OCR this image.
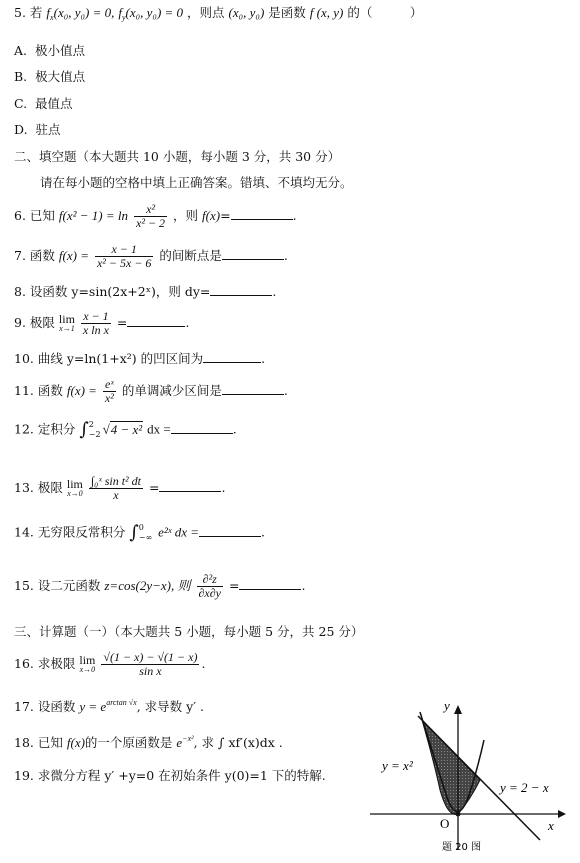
5. 若 $f_x(x_0$, y₀) = 0, $f_y(x_0$, y₀) = 0 ，则点 (x₀, y₀) 是函数 f (x, y) 的（　　　）
A. 极小值点
B. 极大值点
C. 最值点
D. 驻点
二、填空题（本大题共 10 小题，每小题 3 分，共 30 分）
请在每小题的空格中填上正确答案。错填、不填均无分。
6. 已知 $f(x^2 - 1) = \ln \frac{\text{x²}}{\text{x² − 2}}$ ，则 f(x)=	.
7. 函数 $f(x) = \frac{x - 1}{\text{x² − 5x − 6}}$ 的间断点是	.
8. 设函数 y=sin(2x+2ˣ)，则 dy=	.
9. 极限 lim
x→1
$\frac{x - 1}{\text{x ln x}}$ =	.
10. 曲线 y=ln(1+x²) 的凹区间为	.
11. 函数 $f(x) = \frac{\text{eˣ}}{\text{x²}}$ 的单调减少区间是	.
12. 定积分 ∫ 2
−2 √4 − x² dx =	.
13. 极限 lim
x→0
$\frac{\text{∫₀ˣ sin t² dt}}{x}$ =	.
14. 无穷限反常积分 ∫ 0
−∞ e²ˣ dx =	.
15. 设二元函数 z=cos(2y−x), 则 $\frac{\text{∂²z}}{\partial x\partial y}$ =	.
三、计算题（一）（本大题共 5 小题，每小题 5 分，共 25 分）
16. 求极限 lim
x→0
$\frac{√(1 - x) - √(1 - x)}{\text{sin x}}$ .
17. 设函数 $y = e^{arctan √x}$, 求导数 y′ .
18. 已知 f(x)的一个原函数是 $e^{-x^2}$, 求 ∫ xf′(x)dx .
19. 求微分方程 y′ +y=0 在初始条件 y(0)=1 下的特解.
y
x
O
y = x²
y = 2 − x
题 20 图
